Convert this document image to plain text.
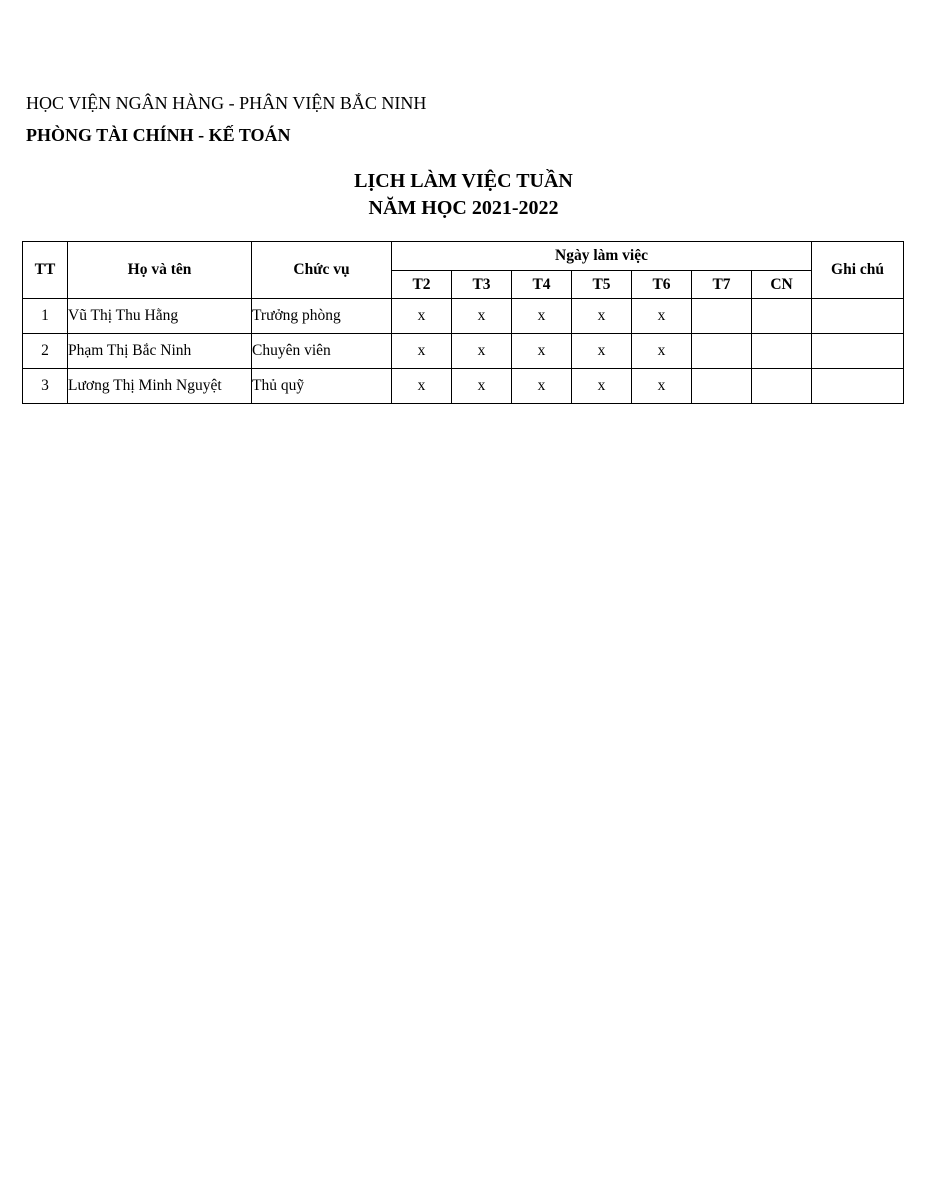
HỌC VIỆN NGÂN HÀNG - PHÂN VIỆN BẮC NINH
PHÒNG TÀI CHÍNH - KẾ TOÁN
LỊCH LÀM VIỆC TUẦN
NĂM HỌC 2021-2022
TT	Họ và tên	Chức vụ	Ngày làm việc							Ghi chú
			T2	T3	T4	T5	T6	T7	CN	
1	Vũ Thị Thu Hằng	Trưởng phòng	x	x	x	x	x			
2	Phạm Thị Bắc Ninh	Chuyên viên	x	x	x	x	x			
3	Lương Thị Minh Nguyệt	Thủ quỹ	x	x	x	x	x			
